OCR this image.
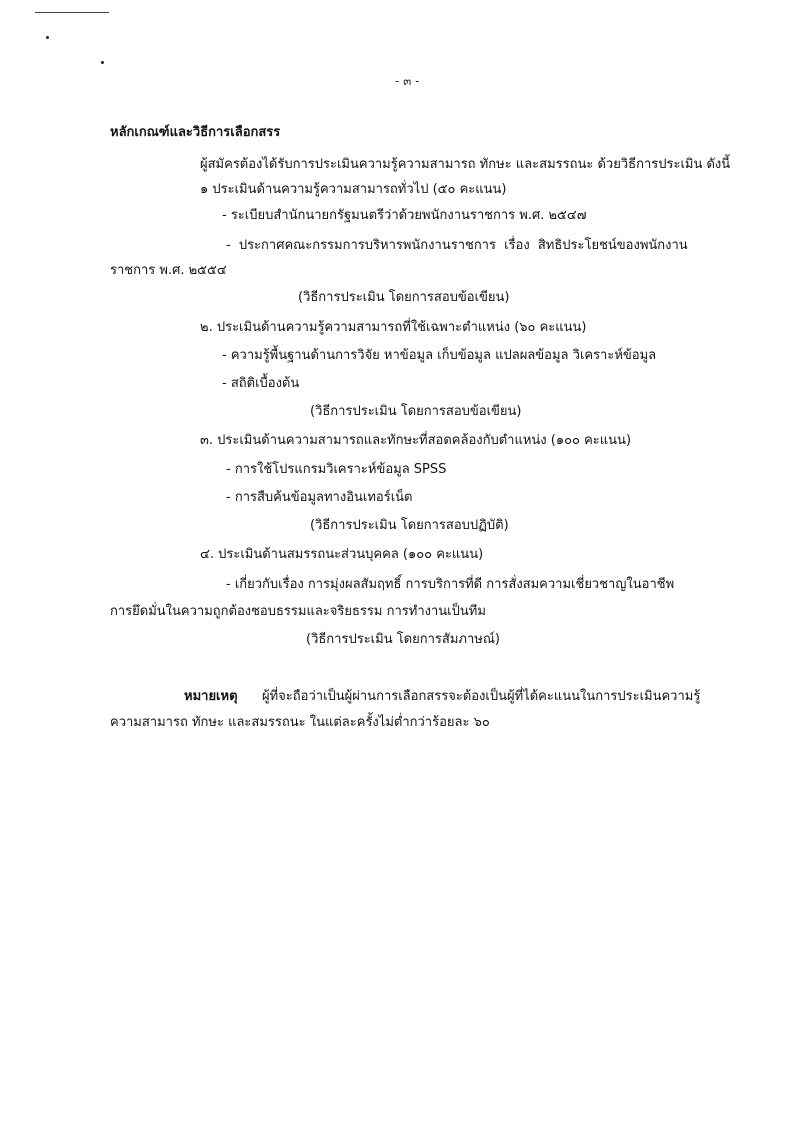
- ๓ -
หลักเกณฑ์และวิธีการเลือกสรร
ผู้สมัครต้องได้รับการประเมินความรู้ความสามารถ ทักษะ และสมรรถนะ ด้วยวิธีการประเมิน ดังนี้
๑ ประเมินด้านความรู้ความสามารถทั่วไป (๕๐ คะแนน)
- ระเบียบสำนักนายกรัฐมนตรีว่าด้วยพนักงานราชการ พ.ศ. ๒๕๔๗
- ประกาศคณะกรรมการบริหารพนักงานราชการ เรื่อง สิทธิประโยชน์ของพนักงาน
ราชการ พ.ศ. ๒๕๕๔
(วิธีการประเมิน โดยการสอบข้อเขียน)
๒. ประเมินด้านความรู้ความสามารถที่ใช้เฉพาะตำแหน่ง (๖๐ คะแนน)
- ความรู้พื้นฐานด้านการวิจัย หาข้อมูล เก็บข้อมูล แปลผลข้อมูล วิเคราะห์ข้อมูล
- สถิติเบื้องต้น
(วิธีการประเมิน โดยการสอบข้อเขียน)
๓. ประเมินด้านความสามารถและทักษะที่สอดคล้องกับตำแหน่ง (๑๐๐ คะแนน)
- การใช้โปรแกรมวิเคราะห์ข้อมูล SPSS
- การสืบค้นข้อมูลทางอินเทอร์เน็ต
(วิธีการประเมิน โดยการสอบปฏิบัติ)
๔. ประเมินด้านสมรรถนะส่วนบุคคล (๑๐๐ คะแนน)
- เกี่ยวกับเรื่อง การมุ่งผลสัมฤทธิ์ การบริการที่ดี การสั่งสมความเชี่ยวชาญในอาชีพ
การยึดมั่นในความถูกต้องชอบธรรมและจริยธรรม การทำงานเป็นทีม
(วิธีการประเมิน โดยการสัมภาษณ์)
หมายเหตุ ผู้ที่จะถือว่าเป็นผู้ผ่านการเลือกสรรจะต้องเป็นผู้ที่ได้คะแนนในการประเมินความรู้
ความสามารถ ทักษะ และสมรรถนะ ในแต่ละครั้งไม่ต่ำกว่าร้อยละ ๖๐
